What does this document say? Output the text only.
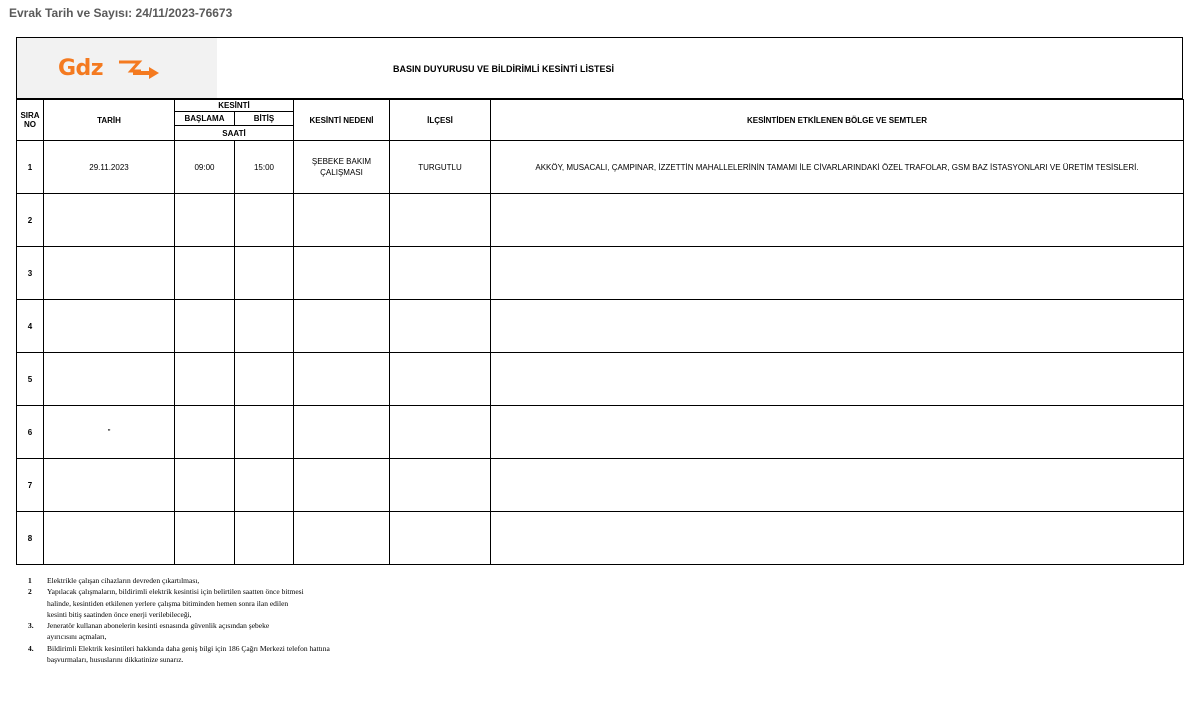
Evrak Tarih ve Sayısı: 24/11/2023-76673
Gdz	BASIN DUYURUSU VE BİLDİRİMLİ KESİNTİ LİSTESİ
SIRA
NO	TARİH	KESİNTİ		KESİNTİ NEDENİ	İLÇESİ	KESİNTİDEN ETKİLENEN BÖLGE VE SEMTLER
		BAŞLAMA	BİTİŞ			
		SAATİ				
1	29.11.2023	09:00	15:00	ŞEBEKE BAKIM
ÇALIŞMASI	TURGUTLU	AKKÖY, MUSACALI, ÇAMPINAR, İZZETTİN MAHALLELERİNİN TAMAMI İLE CİVARLARINDAKİ ÖZEL TRAFOLAR, GSM BAZ İSTASYONLARI VE ÜRETİM TESİSLERİ.
2				

3				

4				

5				

6	"			

7				

8				

1	Elektrikle çalışan cihazların devreden çıkartılması,
2	Yapılacak çalışmaların, bildirimli elektrik kesintisi için belirtilen saatten önce bitmesi
halinde, kesintiden etkilenen yerlere çalışma bitiminden hemen sonra ilan edilen
kesinti bitiş saatinden önce enerji verilebileceği,
3.	Jeneratör kullanan abonelerin kesinti esnasında güvenlik açısından şebeke
ayırıcısını açmaları,
4.	Bildirimli Elektrik kesintileri hakkında daha geniş bilgi için 186 Çağrı Merkezi telefon hattına
başvurmaları, hususlarını dikkatinize sunarız.
